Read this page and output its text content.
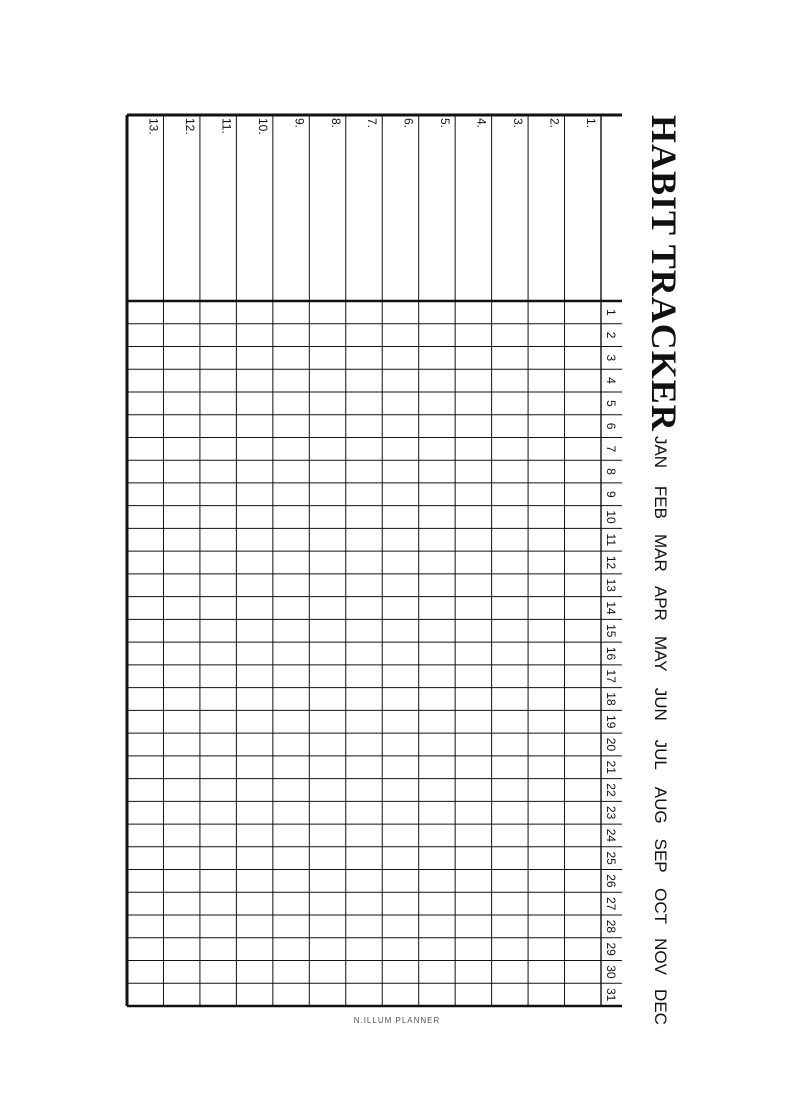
HABIT TRACKER
JAN
FEB
MAR
APR
MAY
JUN
JUL
AUG
SEP
OCT
NOV
DEC
1
2
3
4
5
6
7
8
9
10
11
12
13
14
15
16
17
18
19
20
21
22
23
24
25
26
27
28
29
30
31
1.
2.
3.
4.
5.
6.
7.
8.
9.
10.
11.
12.
13.
N.ILLUM PLANNER
